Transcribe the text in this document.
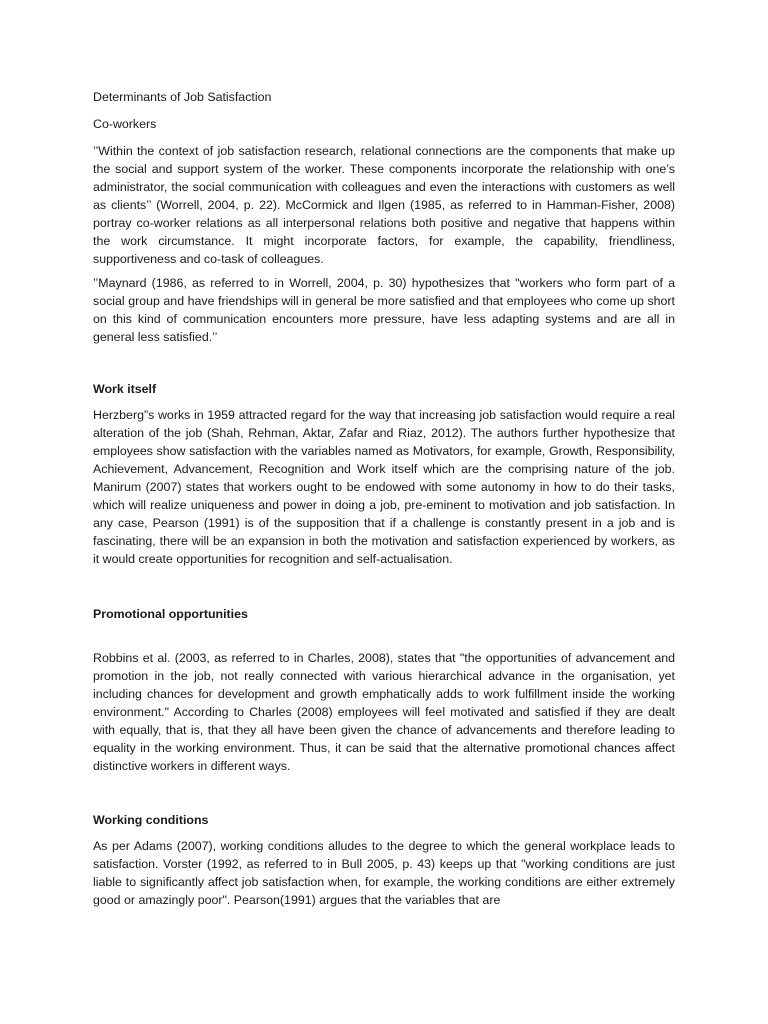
Determinants of Job Satisfaction

Co-workers

’’Within the context of job satisfaction research, relational connections are the components that make up the social and support system of the worker. These components incorporate the relationship with one’s administrator, the social communication with colleagues and even the interactions with customers as well as clients’’ (Worrell, 2004, p. 22). McCormick and Ilgen (1985, as referred to in Hamman-Fisher, 2008) portray co-worker relations as all interpersonal relations both positive and negative that happens within the work circumstance. It might incorporate factors, for example, the capability, friendliness, supportiveness and co-task of colleagues.

’’Maynard (1986, as referred to in Worrell, 2004, p. 30) hypothesizes that "workers who form part of a social group and have friendships will in general be more satisfied and that employees who come up short on this kind of communication encounters more pressure, have less adapting systems and are all in general less satisfied.’’

Work itself

Herzberg”s works in 1959 attracted regard for the way that increasing job satisfaction would require a real alteration of the job (Shah, Rehman, Aktar, Zafar and Riaz, 2012). The authors further hypothesize that employees show satisfaction with the variables named as Motivators, for example, Growth, Responsibility, Achievement, Advancement, Recognition and Work itself which are the comprising nature of the job. Manirum (2007) states that workers ought to be endowed with some autonomy in how to do their tasks, which will realize uniqueness and power in doing a job, pre-eminent to motivation and job satisfaction. In any case, Pearson (1991) is of the supposition that if a challenge is constantly present in a job and is fascinating, there will be an expansion in both the motivation and satisfaction experienced by workers, as it would create opportunities for recognition and self-actualisation.

Promotional opportunities

Robbins et al. (2003, as referred to in Charles, 2008), states that "the opportunities of advancement and promotion in the job, not really connected with various hierarchical advance in the organisation, yet including chances for development and growth emphatically adds to work fulfillment inside the working environment." According to Charles (2008) employees will feel motivated and satisfied if they are dealt with equally, that is, that they all have been given the chance of advancements and therefore leading to equality in the working environment. Thus, it can be said that the alternative promotional chances affect distinctive workers in different ways.

Working conditions

As per Adams (2007), working conditions alludes to the degree to which the general workplace leads to satisfaction. Vorster (1992, as referred to in Bull 2005, p. 43) keeps up that "working conditions are just liable to significantly affect job satisfaction when, for example, the working conditions are either extremely good or amazingly poor". Pearson(1991) argues that the variables that are
